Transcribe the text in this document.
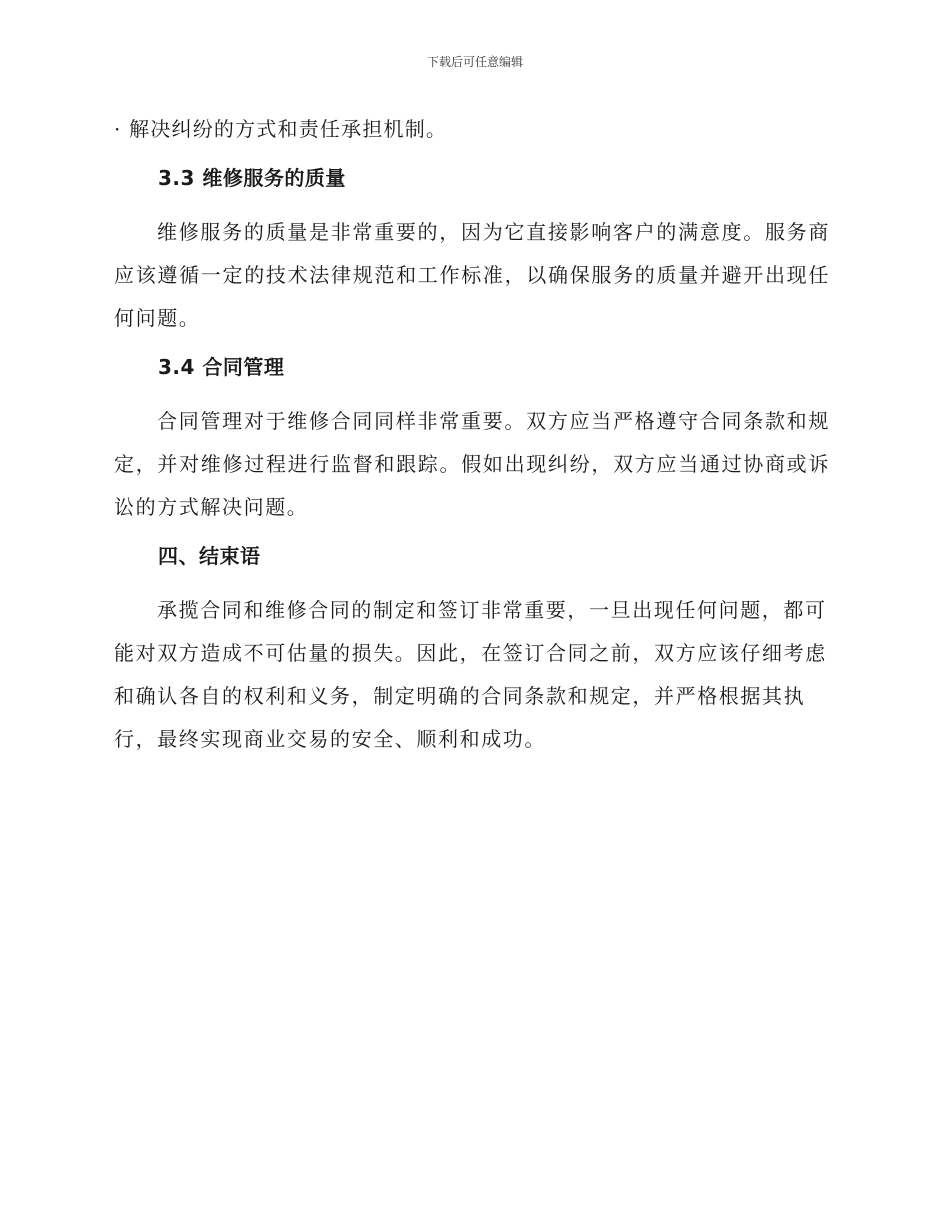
下载后可任意编辑

· 解决纠纷的方式和责任承担机制。

3.3 维修服务的质量

维修服务的质量是非常重要的，因为它直接影响客户的满意度。服务商应该遵循一定的技术法律规范和工作标准，以确保服务的质量并避开出现任何问题。

3.4 合同管理

合同管理对于维修合同同样非常重要。双方应当严格遵守合同条款和规定，并对维修过程进行监督和跟踪。假如出现纠纷，双方应当通过协商或诉讼的方式解决问题。

四、结束语

承揽合同和维修合同的制定和签订非常重要，一旦出现任何问题，都可能对双方造成不可估量的损失。因此，在签订合同之前，双方应该仔细考虑和确认各自的权利和义务，制定明确的合同条款和规定，并严格根据其执行，最终实现商业交易的安全、顺利和成功。
